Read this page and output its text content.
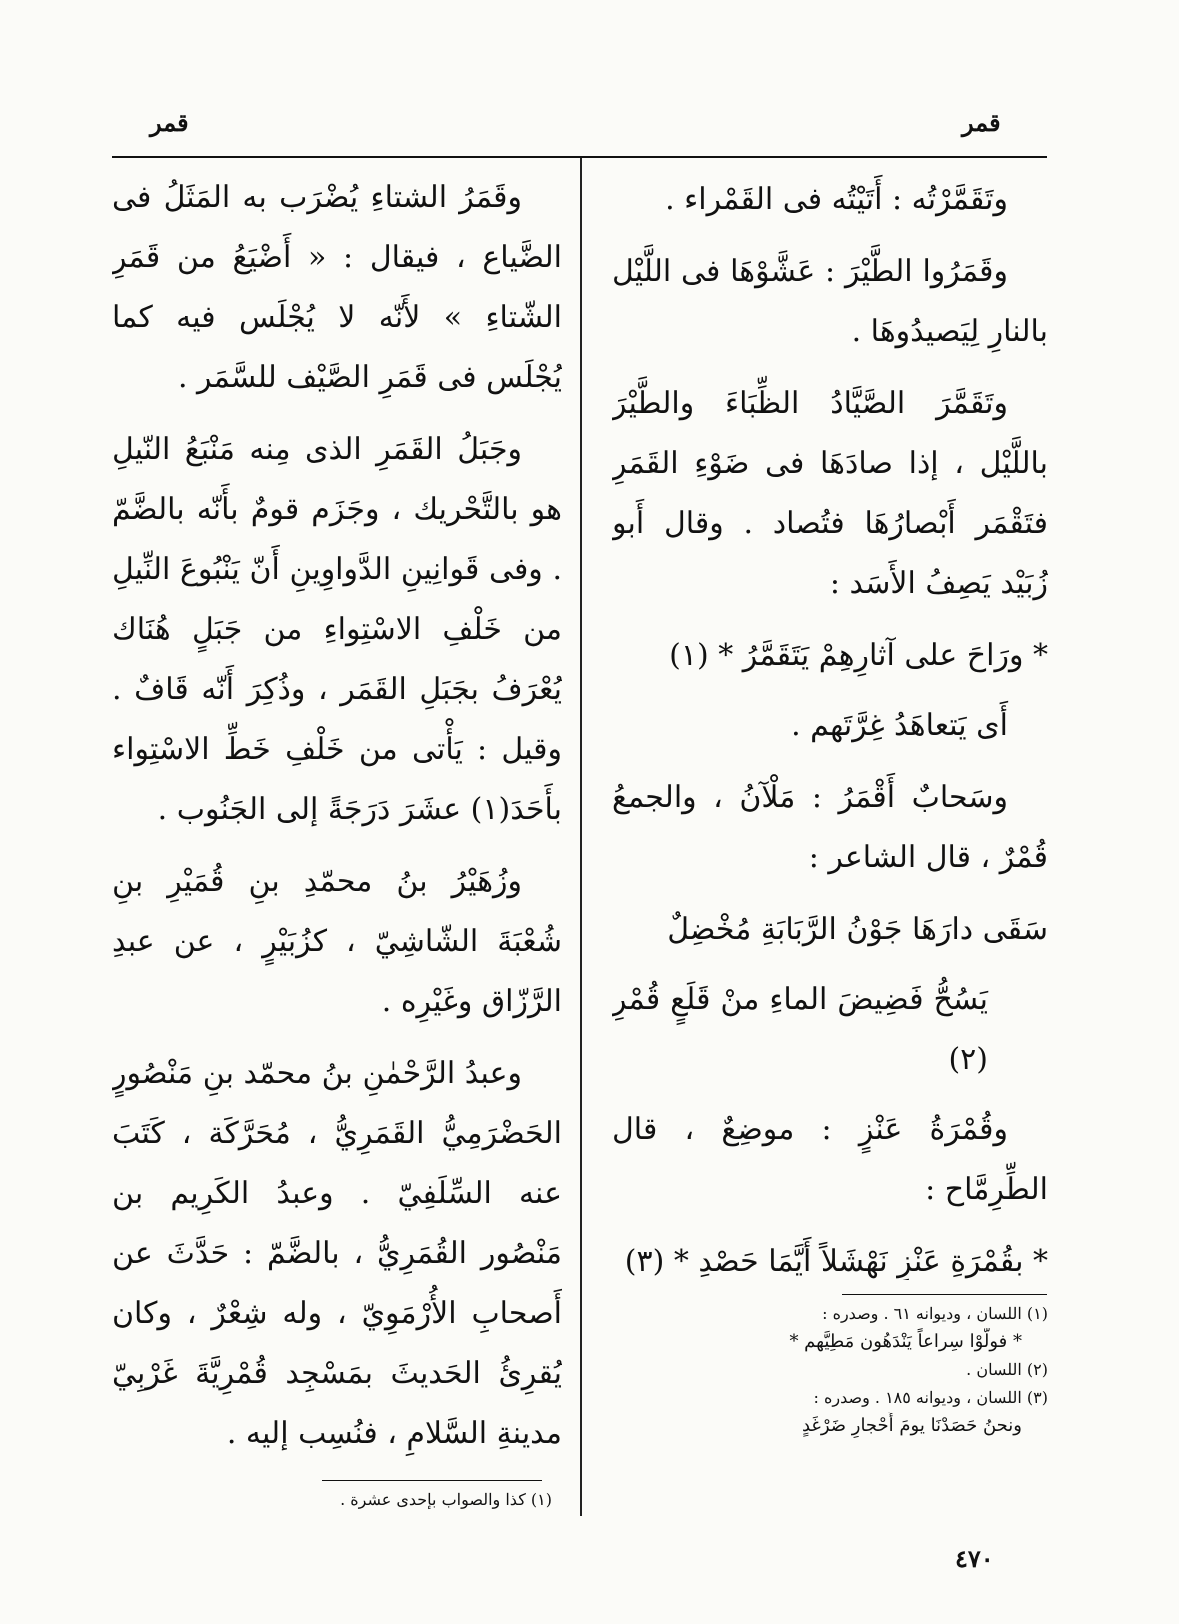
قمر
قمر

وتَقَمَّرْتُه : أَتَيْتُه فى القَمْراء .

وقَمَرُوا الطَّيْرَ : عَشَّوْهَا فى اللَّيْل بالنارِ لِيَصيدُوهَا .

وتَقَمَّرَ الصَّيَّادُ الظِّبَاءَ والطَّيْرَ باللَّيْل ، إذا صادَهَا فى ضَوْءِ القَمَرِ فتَقْمَر أَبْصارُهَا فتُصاد . وقال أَبو زُبَيْد يَصِفُ الأَسَد :

* ورَاحَ على آثارِهِمْ يَتَقَمَّرُ * (١)

أَى يَتعاهَدُ غِرَّتَهم .

وسَحابٌ أَقْمَرُ : مَلْآنُ ، والجمعُ قُمْرٌ ، قال الشاعر :

سَقَى دارَهَا جَوْنُ الرَّبَابَةِ مُخْضِلٌ

يَسُحُّ فَضِيضَ الماءِ منْ قَلَعٍ قُمْرِ (٢)

وقُمْرَةُ عَنْزٍ : موضِعٌ ، قال الطِّرِمَّاح :

* بقُمْرَةِ عَنْزٍ نَهْشَلاً أَيَّمَا حَصْدِ * (٣)

(١) اللسان ، وديوانه ٦١ . وصدره :
* فولَّوْا سِراعاً يَنْدَهُون مَطِيَّهم *
(٢) اللسان .
(٣) اللسان ، وديوانه ١٨٥ . وصدره :
ونحنُ حَصَدْنَا يومَ أَحْجارِ ضَرْغَدٍ

وقَمَرُ الشتاءِ يُضْرَب به المَثَلُ فى الضَّياع ، فيقال : « أَضْيَعُ من قَمَرِ الشّتاءِ » لأَنّه لا يُجْلَس فيه كما يُجْلَس فى قَمَرِ الصَّيْف للسَّمَر .

وجَبَلُ القَمَرِ الذى مِنه مَنْبَعُ النّيلِ هو بالتَّحْريك ، وجَزَم قومٌ بأَنّه بالضَّمّ . وفى قَوانِينِ الدَّواوِينِ أَنّ يَنْبُوعَ النِّيلِ من خَلْفِ الاسْتِواءِ من جَبَلٍ هُنَاك يُعْرَفُ بجَبَلِ القَمَر ، وذُكِرَ أَنّه قَافٌ . وقيل : يَأْتى من خَلْفِ خَطِّ الاسْتِواء بأَحَدَ(١) عشَرَ دَرَجَةً إلى الجَنُوب .

وزُهَيْرُ بنُ محمّدِ بنِ قُمَيْرِ بنِ شُعْبَةَ الشّاشِيّ ، كزُبَيْرٍ ، عن عبدِ الرَّزّاق وغَيْرِه .

وعبدُ الرَّحْمٰنِ بنُ محمّد بنِ مَنْصُورٍ الحَضْرَمِيُّ القَمَرِيُّ ، مُحَرَّكَة ، كَتَبَ عنه السِّلَفِيّ . وعبدُ الكَرِيم بن مَنْصُور القُمَرِيُّ ، بالضَّمّ : حَدَّثَ عن أَصحابِ الأُرْمَوِيّ ، وله شِعْرٌ ، وكان يُقرِئُ الحَديثَ بمَسْجِد قُمْرِيَّةَ غَرْبِيّ مدينةِ السَّلامِ ، فنُسِب إليه .

(١) كذا والصواب بإحدى عشرة .
٤٧٠
